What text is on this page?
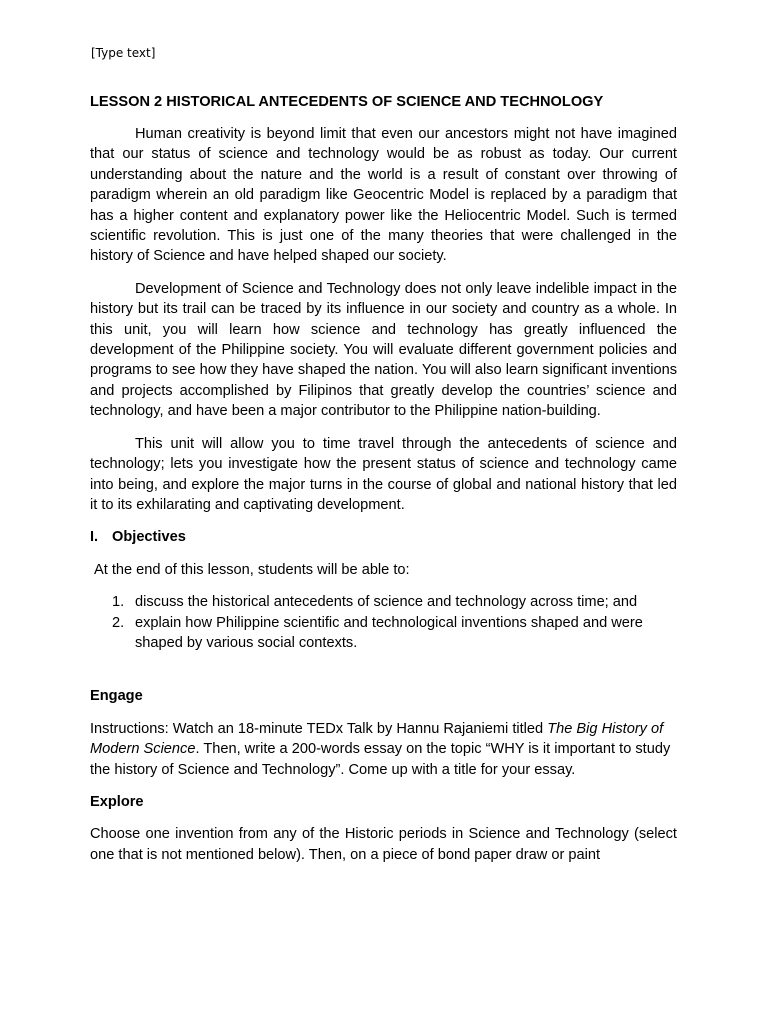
[Type text]
LESSON 2 HISTORICAL ANTECEDENTS OF SCIENCE AND TECHNOLOGY

Human creativity is beyond limit that even our ancestors might not have imagined that our status of science and technology would be as robust as today. Our current understanding about the nature and the world is a result of constant over throwing of paradigm wherein an old paradigm like Geocentric Model is replaced by a paradigm that has a higher content and explanatory power like the Heliocentric Model. Such is termed scientific revolution. This is just one of the many theories that were challenged in the history of Science and have helped shaped our society.

Development of Science and Technology does not only leave indelible impact in the history but its trail can be traced by its influence in our society and country as a whole. In this unit, you will learn how science and technology has greatly influenced the development of the Philippine society. You will evaluate different government policies and programs to see how they have shaped the nation. You will also learn significant inventions and projects accomplished by Filipinos that greatly develop the countries’ science and technology, and have been a major contributor to the Philippine nation-building.

This unit will allow you to time travel through the antecedents of science and technology; lets you investigate how the present status of science and technology came into being, and explore the major turns in the course of global and national history that led it to its exhilarating and captivating development.

I. Objectives
At the end of this lesson, students will be able to:
1. discuss the historical antecedents of science and technology across time; and
2. explain how Philippine scientific and technological inventions shaped and were shaped by various social contexts.
Engage

Instructions: Watch an 18-minute TEDx Talk by Hannu Rajaniemi titled The Big History of Modern Science. Then, write a 200-words essay on the topic “WHY is it important to study the history of Science and Technology”. Come up with a title for your essay.

Explore

Choose one invention from any of the Historic periods in Science and Technology (select one that is not mentioned below). Then, on a piece of bond paper draw or paint
